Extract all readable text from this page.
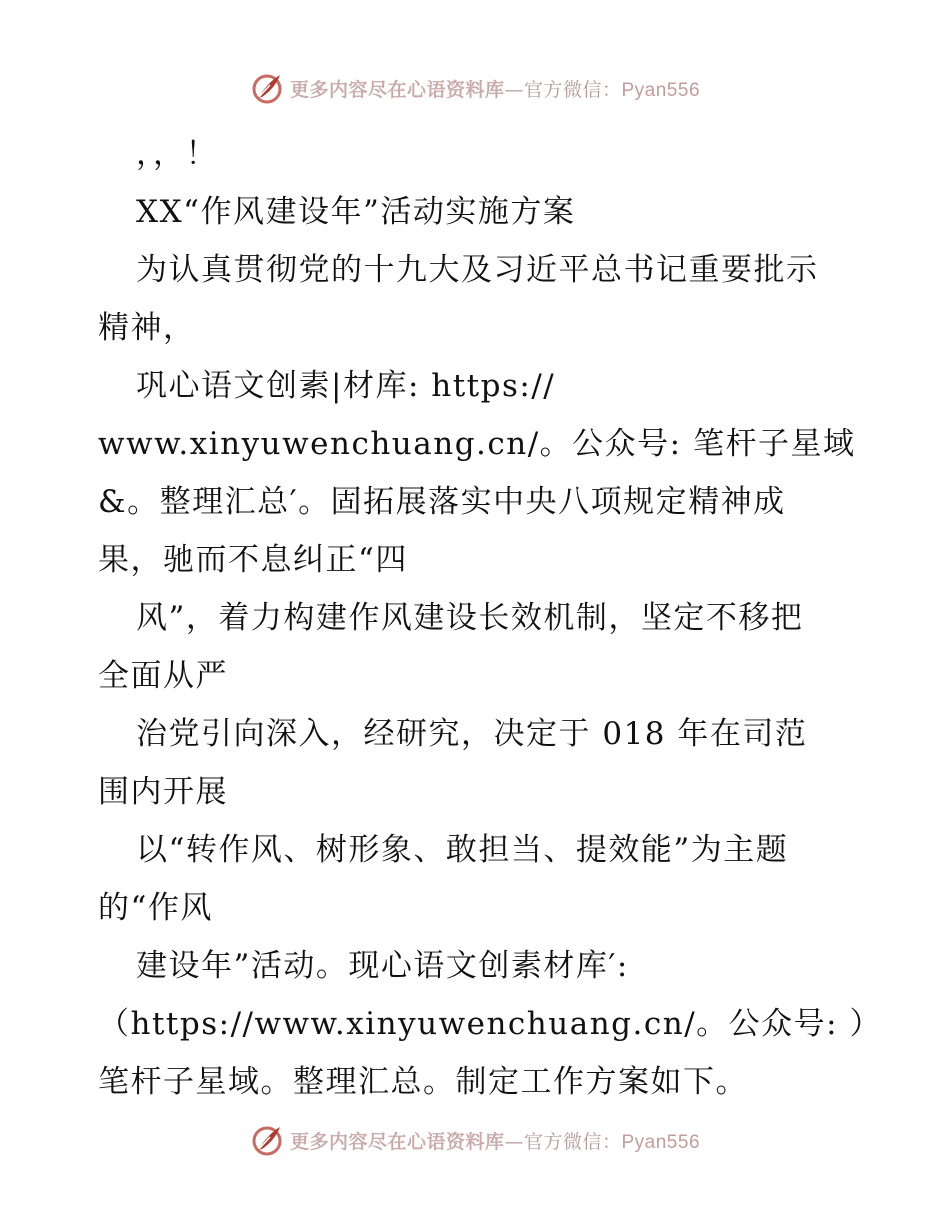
更多内容尽在心语资料库—官方微信：Pyan556
，，！
XX“作风建设年”活动实施方案
为认真贯彻党的十九大及习近平总书记重要批示
精神，
巩心语文创素|材库: https://
www.xinyuwenchuang.cn/。公众号: 笔杆子星域
&。整理汇总′。固拓展落实中央八项规定精神成
果，驰而不息纠正“四
风”，着力构建作风建设长效机制，坚定不移把
全面从严
治党引向深入，经研究，决定于 018 年在司范
围内开展
以“转作风、树形象、敢担当、提效能”为主题
的“作风
建设年”活动。现心语文创素材库′:
（https://www.xinyuwenchuang.cn/。公众号: ）
笔杆子星域。整理汇总。制定工作方案如下。
更多内容尽在心语资料库—官方微信：Pyan556
